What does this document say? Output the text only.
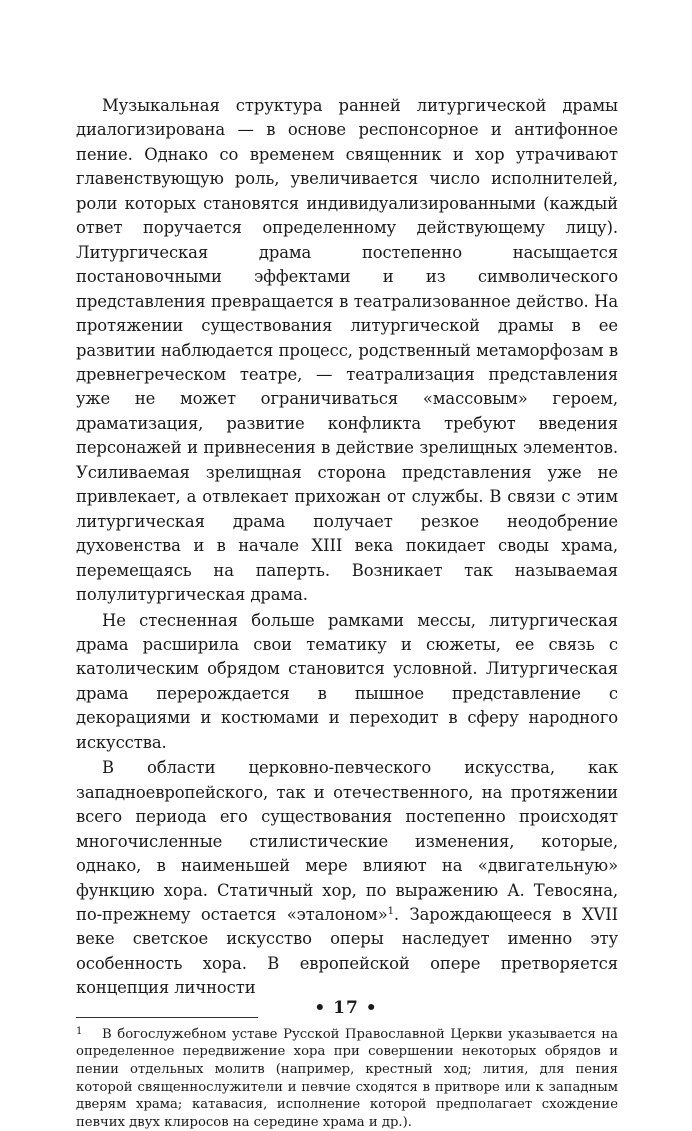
Музыкальная структура ранней литургической драмы диалогизирована — в основе респонсорное и антифонное пение. Однако со временем священник и хор утрачивают главенствующую роль, увеличивается число исполнителей, роли которых становятся индивидуализированными (каждый ответ поручается определенному действующему лицу). Литургическая драма постепенно насыщается постановочными эффектами и из символического представления превращается в театрализованное действо. На протяжении существования литургической драмы в ее развитии наблюдается процесс, родственный метаморфозам в древнегреческом театре, — театрализация представления уже не может ограничиваться «массовым» героем, драматизация, развитие конфликта требуют введения персонажей и привнесения в действие зрелищных элементов. Усиливаемая зрелищная сторона представления уже не привлекает, а отвлекает прихожан от службы. В связи с этим литургическая драма получает резкое неодобрение духовенства и в начале XIII века покидает своды храма, перемещаясь на паперть. Возникает так называемая полулитургическая драма.

Не стесненная больше рамками мессы, литургическая драма расширила свои тематику и сюжеты, ее связь с католическим обрядом становится условной. Литургическая драма перерождается в пышное представление с декорациями и костюмами и переходит в сферу народного искусства.

В области церковно-певческого искусства, как западноевропейского, так и отечественного, на протяжении всего периода его существования постепенно происходят многочисленные стилистические изменения, которые, однако, в наименьшей мере влияют на «двигательную» функцию хора. Статичный хор, по выражению А. Тевосяна, по-прежнему остается «эталоном»$^1$. Зарождающееся в XVII веке светское искусство оперы наследует именно эту особенность хора. В европейской опере претворяется концепция личности

1 В богослужебном уставе Русской Православной Церкви указывается на определенное передвижение хора при совершении некоторых обрядов и пении отдельных молитв (например, крестный ход; лития, для пения которой священнослужители и певчие сходятся в притворе или к западным дверям храма; катавасия, исполнение которой предполагает схождение певчих двух клиросов на середине храма и др.).
• 17 •
